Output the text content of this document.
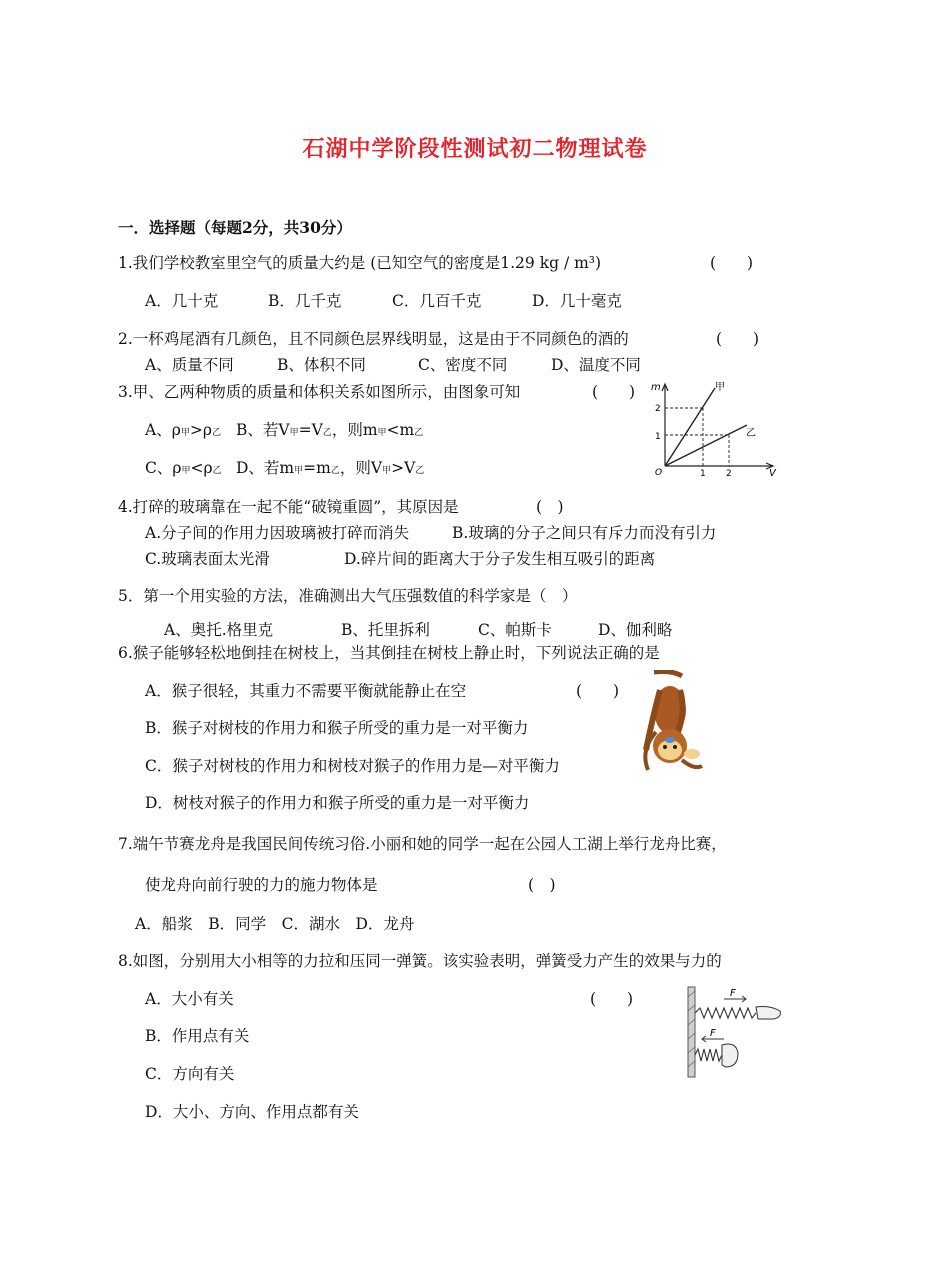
石湖中学阶段性测试初二物理试卷
一．选择题（每题2分，共30分）
1.我们学校教室里空气的质量大约是 (已知空气的密度是1.29 kg / m³)	(　　)
A．几十克	B．几千克	C．几百千克	D．几十毫克
2.一杯鸡尾酒有几颜色，且不同颜色层界线明显，这是由于不同颜色的酒的	(　　)
A、质量不同	B、体积不同	C、密度不同	D、温度不同
3.甲、乙两种物质的质量和体积关系如图所示，由图象可知	(　　)
A、ρ甲>ρ乙 B、若V甲=V乙，则m甲<m乙
C、ρ甲<ρ乙 D、若m甲=m乙，则V甲>V乙
m
V
O
1
2
1 2
甲
乙
4.打碎的玻璃靠在一起不能“破镜重圆”，其原因是	(　)
A.分子间的作用力因玻璃被打碎而消失	B.玻璃的分子之间只有斥力而没有引力
C.玻璃表面太光滑	D.碎片间的距离大于分子发生相互吸引的距离
5．第一个用实验的方法，准确测出大气压强数值的科学家是（　）
A、奥托.格里克	B、托里拆利	C、帕斯卡	D、伽利略
6.猴子能够轻松地倒挂在树枝上，当其倒挂在树枝上静止时，下列说法正确的是
A．猴子很轻，其重力不需要平衡就能静止在空	(　　)
B．猴子对树枝的作用力和猴子所受的重力是一对平衡力
C．猴子对树枝的作用力和树枝对猴子的作用力是—对平衡力
D．树枝对猴子的作用力和猴子所受的重力是一对平衡力
7.端午节赛龙舟是我国民间传统习俗.小丽和她的同学一起在公园人工湖上举行龙舟比赛，
使龙舟向前行驶的力的施力物体是	(　)
A．船浆　B．同学　C．湖水　D．龙舟
8.如图，分别用大小相等的力拉和压同一弹簧。该实验表明，弹簧受力产生的效果与力的
A．大小有关	(　　)
B．作用点有关
C．方向有关
D．大小、方向、作用点都有关
F
F
